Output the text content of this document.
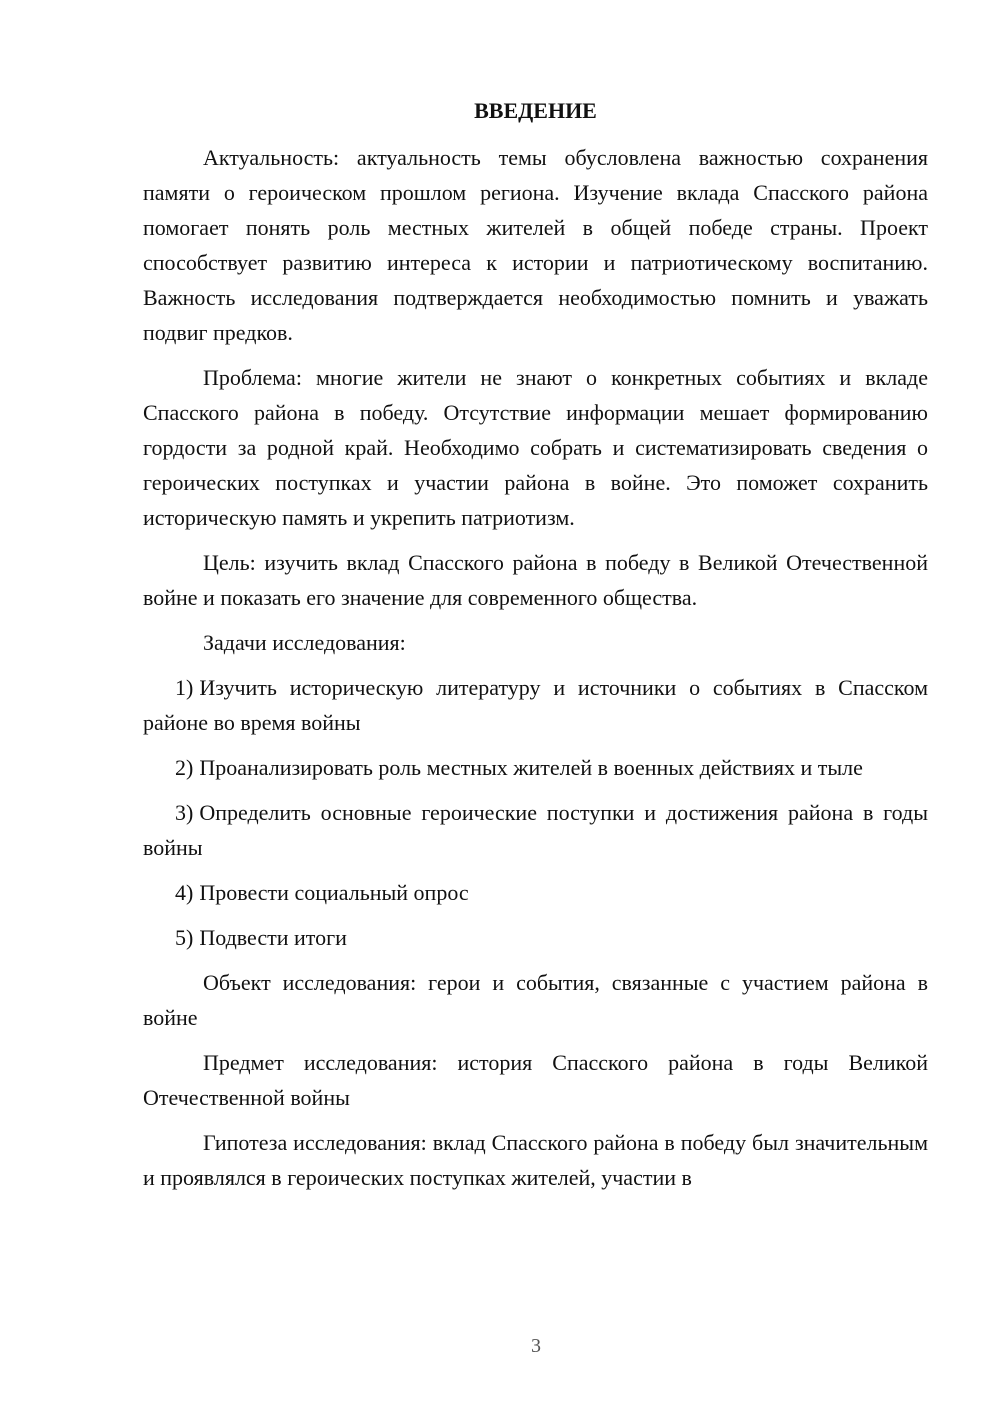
ВВЕДЕНИЕ

Актуальность: актуальность темы обусловлена важностью сохранения памяти о героическом прошлом региона. Изучение вклада Спасского района помогает понять роль местных жителей в общей победе страны. Проект способствует развитию интереса к истории и патриотическому воспитанию. Важность исследования подтверждается необходимостью помнить и уважать подвиг предков.

Проблема: многие жители не знают о конкретных событиях и вкладе Спасского района в победу. Отсутствие информации мешает формированию гордости за родной край. Необходимо собрать и систематизировать сведения о героических поступках и участии района в войне. Это поможет сохранить историческую память и укрепить патриотизм.

Цель: изучить вклад Спасского района в победу в Великой Отечественной войне и показать его значение для современного общества.

Задачи исследования:

1) Изучить историческую литературу и источники о событиях в Спасском районе во время войны

2) Проанализировать роль местных жителей в военных действиях и тыле

3) Определить основные героические поступки и достижения района в годы войны

4) Провести социальный опрос

5) Подвести итоги

Объект исследования: герои и события, связанные с участием района в войне

Предмет исследования: история Спасского района в годы Великой Отечественной войны

Гипотеза исследования: вклад Спасского района в победу был значительным и проявлялся в героических поступках жителей, участии в

3
